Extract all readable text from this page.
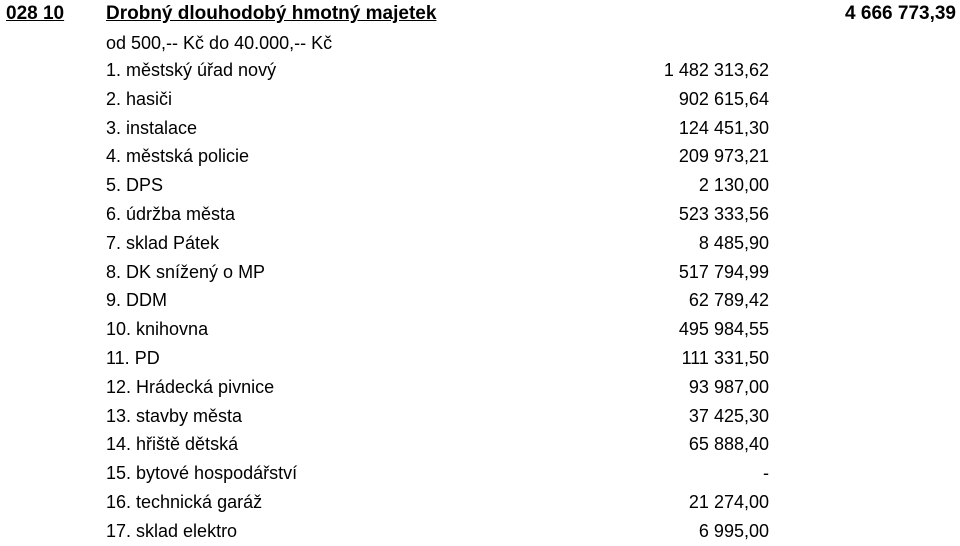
028 10 Drobný dlouhodobý hmotný majetek	4 666 773,39
od 500,-- Kč do 40.000,-- Kč
1. městský úřad nový	1 482 313,62
2. hasiči	902 615,64
3. instalace	124 451,30
4. městská policie	209 973,21
5. DPS	2 130,00
6. údržba města	523 333,56
7. sklad Pátek	8 485,90
8. DK snížený o MP	517 794,99
9. DDM	62 789,42
10. knihovna	495 984,55
11. PD	111 331,50
12. Hrádecká pivnice	93 987,00
13. stavby města	37 425,30
14. hřiště dětská	65 888,40
15. bytové hospodářství	-
16. technická garáž	21 274,00
17. sklad elektro	6 995,00
